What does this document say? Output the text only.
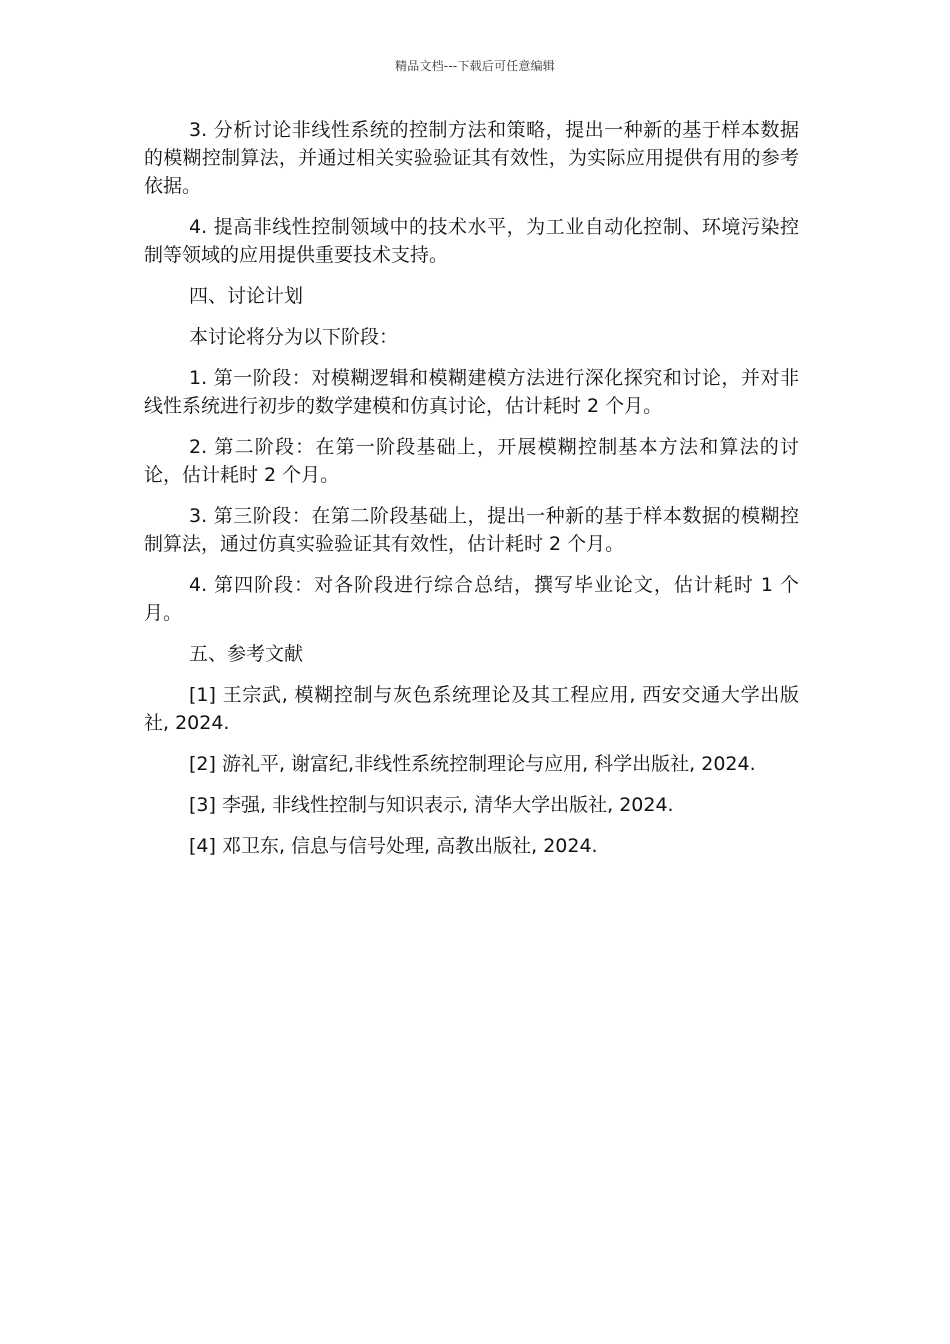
精品文档---下载后可任意编辑

3. 分析讨论非线性系统的控制方法和策略，提出一种新的基于样本数据的模糊控制算法，并通过相关实验验证其有效性，为实际应用提供有用的参考依据。

4. 提高非线性控制领域中的技术水平，为工业自动化控制、环境污染控制等领域的应用提供重要技术支持。

四、讨论计划

本讨论将分为以下阶段：

1. 第一阶段：对模糊逻辑和模糊建模方法进行深化探究和讨论，并对非线性系统进行初步的数学建模和仿真讨论，估计耗时 2 个月。

2. 第二阶段：在第一阶段基础上，开展模糊控制基本方法和算法的讨论，估计耗时 2 个月。

3. 第三阶段：在第二阶段基础上，提出一种新的基于样本数据的模糊控制算法，通过仿真实验验证其有效性，估计耗时 2 个月。

4. 第四阶段：对各阶段进行综合总结，撰写毕业论文，估计耗时 1 个月。

五、参考文献

[1] 王宗武, 模糊控制与灰色系统理论及其工程应用, 西安交通大学出版社, 2024.

[2] 游礼平, 谢富纪,非线性系统控制理论与应用, 科学出版社, 2024.

[3] 李强, 非线性控制与知识表示, 清华大学出版社, 2024.

[4] 邓卫东, 信息与信号处理, 高教出版社, 2024.
